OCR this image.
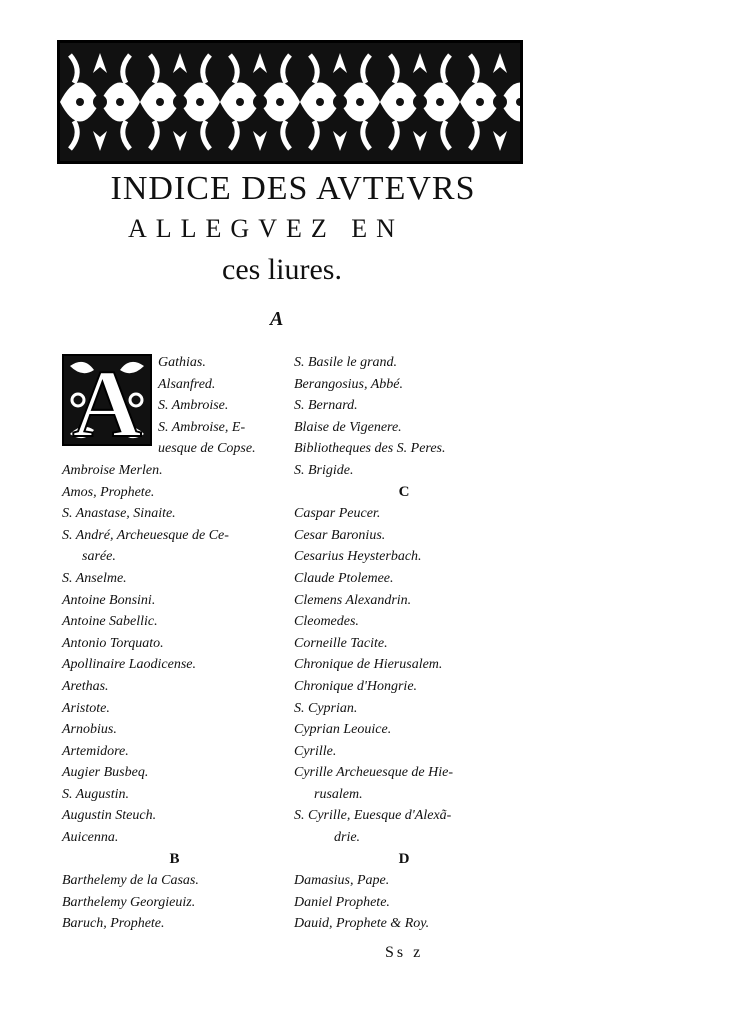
INDICE DES AVTEVRS
ALLEGVEZ EN
ces liures.
A
A	Gathias.
Alsanfred.
S. Ambroise.
S. Ambroise, E-
uesque de Copse.
Ambroise Merlen.
Amos, Prophete.
S. Anastase, Sinaite.
S. André, Archeuesque de Ce-
sarée.
S. Anselme.
Antoine Bonsini.
Antoine Sabellic.
Antonio Torquato.
Apollinaire Laodicense.
Arethas.
Aristote.
Arnobius.
Artemidore.
Augier Busbeq.
S. Augustin.
Augustin Steuch.
Auicenna.
B
Barthelemy de la Casas.
Barthelemy Georgieuiz.
Baruch, Prophete.
S. Basile le grand.
Berangosius, Abbé.
S. Bernard.
Blaise de Vigenere.
Bibliotheques des S. Peres.
S. Brigide.
C
Caspar Peucer.
Cesar Baronius.
Cesarius Heysterbach.
Claude Ptolemee.
Clemens Alexandrin.
Cleomedes.
Corneille Tacite.
Chronique de Hierusalem.
Chronique d'Hongrie.
S. Cyprian.
Cyprian Leouice.
Cyrille.
Cyrille Archeuesque de Hie-
rusalem.
S. Cyrille, Euesque d'Alexã-
drie.
D
Damasius, Pape.
Daniel Prophete.
Dauid, Prophete & Roy.
Ss z
